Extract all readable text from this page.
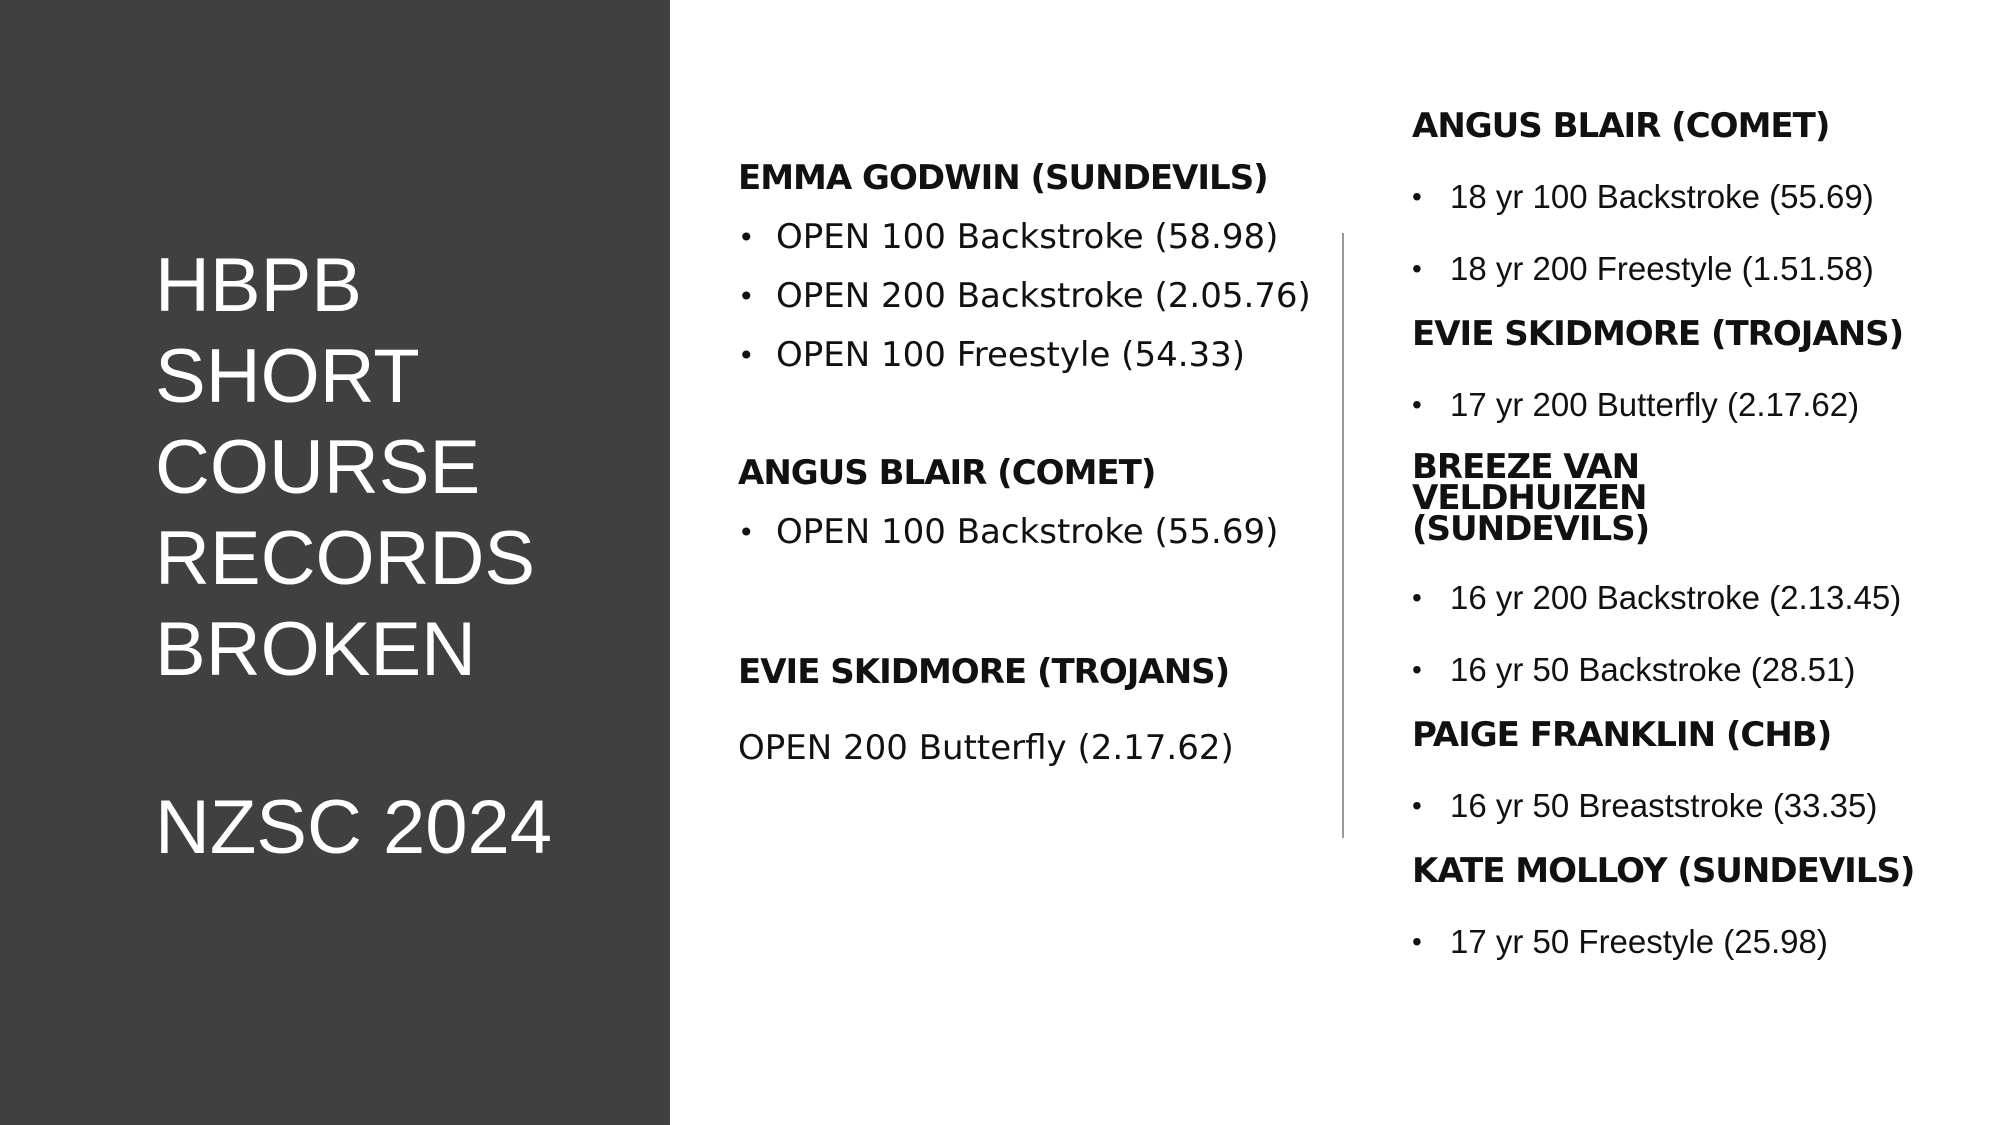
HBPB
SHORT
COURSE
RECORDS
BROKEN
NZSC 2024

EMMA GODWIN (SUNDEVILS)

• OPEN 100 Backstroke (58.98)
• OPEN 200 Backstroke (2.05.76)
• OPEN 100 Freestyle (54.33)

ANGUS BLAIR (COMET)

• OPEN 100 Backstroke (55.69)

EVIE SKIDMORE (TROJANS)

OPEN 200 Butterfly (2.17.62)

ANGUS BLAIR (COMET)

• 18 yr 100 Backstroke (55.69)
• 18 yr 200 Freestyle (1.51.58)

EVIE SKIDMORE (TROJANS)

• 17 yr 200 Butterfly (2.17.62)

BREEZE VAN VELDHUIZEN (SUNDEVILS)

• 16 yr 200 Backstroke (2.13.45)
• 16 yr 50 Backstroke (28.51)

PAIGE FRANKLIN (CHB)

• 16 yr 50 Breaststroke (33.35)

KATE MOLLOY (SUNDEVILS)

• 17 yr 50 Freestyle (25.98)
